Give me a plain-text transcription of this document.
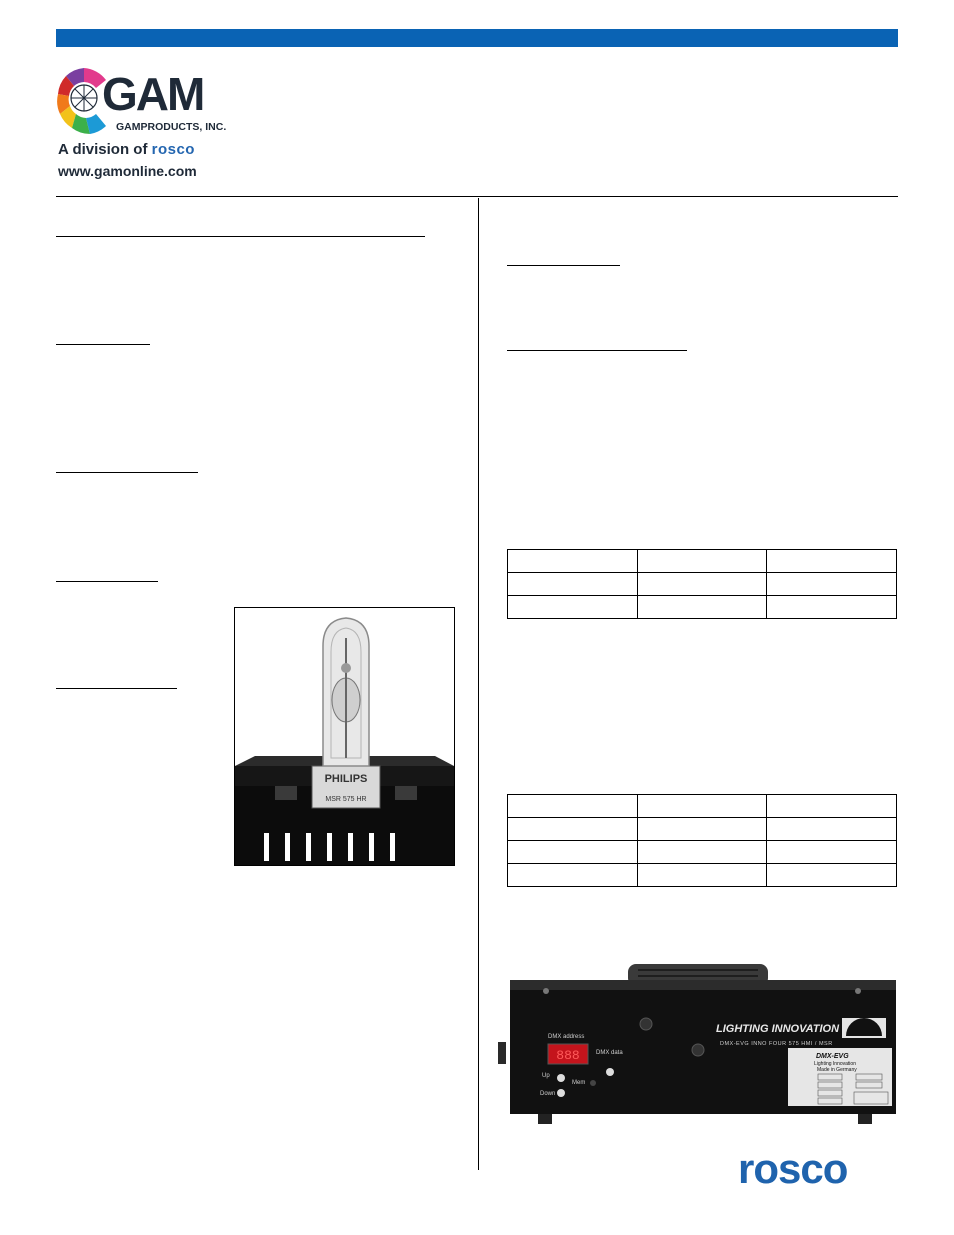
GAM
GAMPRODUCTS, INC.
A division of rosco
www.gamonline.com
PHILIPS
MSR 575 HR

DMX address
888
Up
Down
Mem
DMX data
LIGHTING INNOVATION
DMX-EVG INNO FOUR 575 HMI / MSR
DMX-EVG
Lighting Innovation
Made in Germany
rosco
